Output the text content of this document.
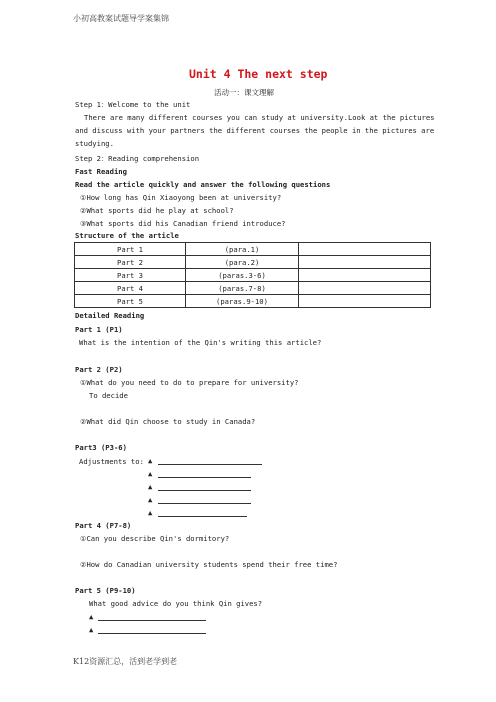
小初高教案试题导学案集锦
Unit 4 The next step
活动一：课文理解
Step 1：Welcome to the unit
There are many different courses you can study at university.Look at the pictures
and discuss with your partners the different courses the people in the pictures are
studying.
Step 2：Reading comprehension
Fast Reading
Read the article quickly and answer the following questions
①How long has Qin Xiaoyong been at university?
②What sports did he play at school?
③What sports did his Canadian friend introduce?
Structure of the article
Part 1	(para.1)	
Part 2	(para.2)	
Part 3	(paras.3-6)	
Part 4	(paras.7-8)	
Part 5	(paras.9-10)	
Detailed Reading
Part 1 (P1)
What is the intention of the Qin's writing this article?
Part 2 (P2)
①What do you need to do to prepare for university?
To decide
②What did Qin choose to study in Canada?
Part3 (P3-6)
Adjustments to: ▲
▲
▲
▲
▲
Part 4 (P7-8)
①Can you describe Qin's dormitory?
②How do Canadian university students spend their free time?
Part 5 (P9-10)
What good advice do you think Qin gives?
▲
▲
K12资源汇总，活到老学到老
